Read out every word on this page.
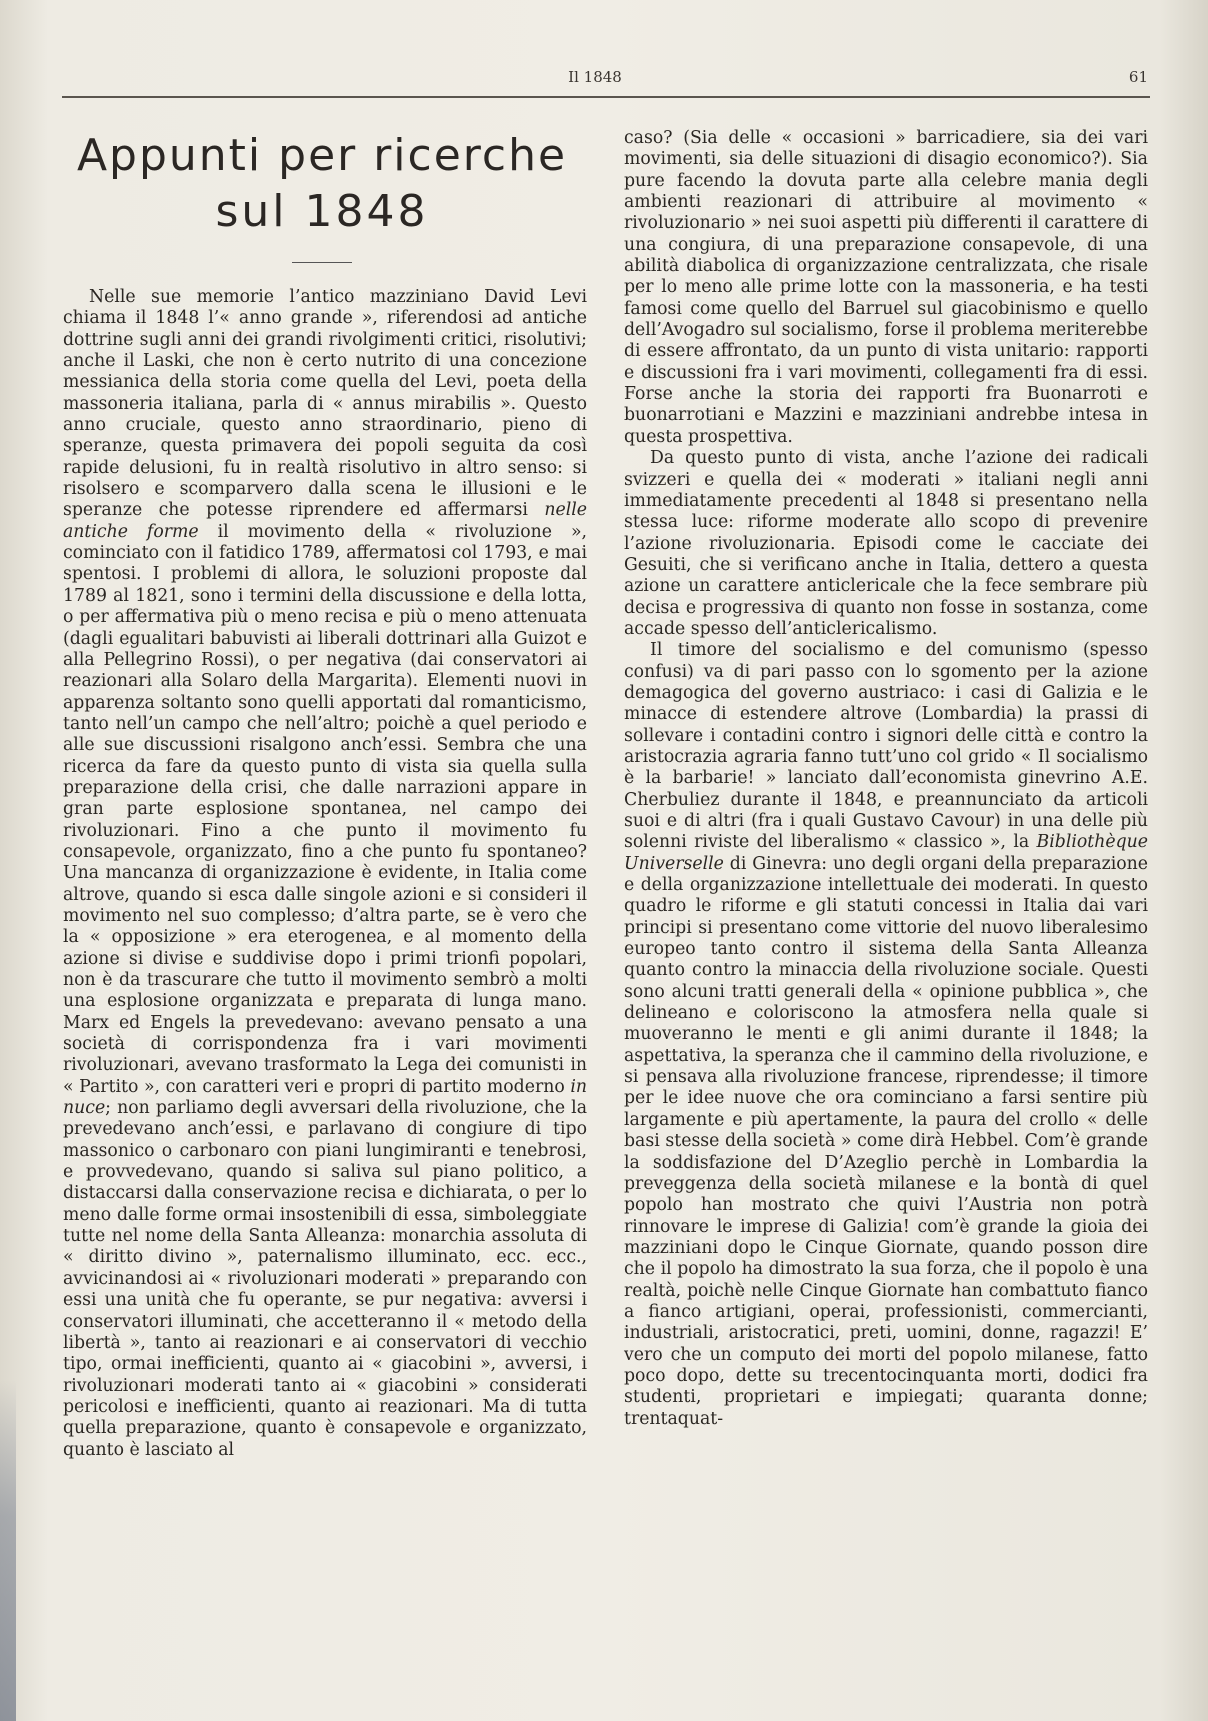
Il 1848	61
Appunti per ricerche
sul 1848

Nelle sue memorie l’antico mazziniano David Levi chiama il 1848 l’« anno grande », riferendosi ad antiche dottrine sugli anni dei grandi rivolgimenti critici, risolutivi; anche il Laski, che non è certo nutrito di una concezione messianica della storia come quella del Levi, poeta della massoneria italiana, parla di « annus mirabilis ». Questo anno cruciale, questo anno straordinario, pieno di speranze, questa primavera dei popoli seguita da così rapide delusioni, fu in realtà risolutivo in altro senso: si risolsero e scomparvero dalla scena le illusioni e le speranze che potesse riprendere ed affermarsi nelle antiche forme il movimento della « rivoluzione », cominciato con il fatidico 1789, affermatosi col 1793, e mai spentosi. I problemi di allora, le soluzioni proposte dal 1789 al 1821, sono i termini della discussione e della lotta, o per affermativa più o meno recisa e più o meno attenuata (dagli egualitari babuvisti ai liberali dottrinari alla Guizot e alla Pellegrino Rossi), o per negativa (dai conservatori ai reazionari alla Solaro della Margarita). Elementi nuovi in apparenza soltanto sono quelli apportati dal romanticismo, tanto nell’un campo che nell’altro; poichè a quel periodo e alle sue discussioni risalgono anch’essi. Sembra che una ricerca da fare da questo punto di vista sia quella sulla preparazione della crisi, che dalle narrazioni appare in gran parte esplosione spontanea, nel campo dei rivoluzionari. Fino a che punto il movimento fu consapevole, organizzato, fino a che punto fu spontaneo? Una mancanza di organizzazione è evidente, in Italia come altrove, quando si esca dalle singole azioni e si consideri il movimento nel suo complesso; d’altra parte, se è vero che la « opposizione » era eterogenea, e al momento della azione si divise e suddivise dopo i primi trionfi popolari, non è da trascurare che tutto il movimento sembrò a molti una esplosione organizzata e preparata di lunga mano. Marx ed Engels la prevedevano: avevano pensato a una società di corrispondenza fra i vari movimenti rivoluzionari, avevano trasformato la Lega dei comunisti in « Partito », con caratteri veri e propri di partito moderno in nuce; non parliamo degli avversari della rivoluzione, che la prevedevano anch’essi, e parlavano di congiure di tipo massonico o carbonaro con piani lungimiranti e tenebrosi, e provvedevano, quando si saliva sul piano politico, a distaccarsi dalla conservazione recisa e dichiarata, o per lo meno dalle forme ormai insostenibili di essa, simboleggiate tutte nel nome della Santa Alleanza: monarchia assoluta di « diritto divino », paternalismo illuminato, ecc. ecc., avvicinandosi ai « rivoluzionari moderati » preparando con essi una unità che fu operante, se pur negativa: avversi i conservatori illuminati, che accetteranno il « metodo della libertà », tanto ai reazionari e ai conservatori di vecchio tipo, ormai inefficienti, quanto ai « giacobini », avversi, i rivoluzionari moderati tanto ai « giacobini » considerati pericolosi e inefficienti, quanto ai reazionari. Ma di tutta quella preparazione, quanto è consapevole e organizzato, quanto è lasciato al

caso? (Sia delle « occasioni » barricadiere, sia dei vari movimenti, sia delle situazioni di disagio economico?). Sia pure facendo la dovuta parte alla celebre mania degli ambienti reazionari di attribuire al movimento « rivoluzionario » nei suoi aspetti più differenti il carattere di una congiura, di una preparazione consapevole, di una abilità diabolica di organizzazione centralizzata, che risale per lo meno alle prime lotte con la massoneria, e ha testi famosi come quello del Barruel sul giacobinismo e quello dell’Avogadro sul socialismo, forse il problema meriterebbe di essere affrontato, da un punto di vista unitario: rapporti e discussioni fra i vari movimenti, collegamenti fra di essi. Forse anche la storia dei rapporti fra Buonarroti e buonarrotiani e Mazzini e mazziniani andrebbe intesa in questa prospettiva.

Da questo punto di vista, anche l’azione dei radicali svizzeri e quella dei « moderati » italiani negli anni immediatamente precedenti al 1848 si presentano nella stessa luce: riforme moderate allo scopo di prevenire l’azione rivoluzionaria. Episodi come le cacciate dei Gesuiti, che si verificano anche in Italia, dettero a questa azione un carattere anticlericale che la fece sembrare più decisa e progressiva di quanto non fosse in sostanza, come accade spesso dell’anticlericalismo.

Il timore del socialismo e del comunismo (spesso confusi) va di pari passo con lo sgomento per la azione demagogica del governo austriaco: i casi di Galizia e le minacce di estendere altrove (Lombardia) la prassi di sollevare i contadini contro i signori delle città e contro la aristocrazia agraria fanno tutt’uno col grido « Il socialismo è la barbarie! » lanciato dall’economista ginevrino A.E. Cherbuliez durante il 1848, e preannunciato da articoli suoi e di altri (fra i quali Gustavo Cavour) in una delle più solenni riviste del liberalismo « classico », la Bibliothèque Universelle di Ginevra: uno degli organi della preparazione e della organizzazione intellettuale dei moderati. In questo quadro le riforme e gli statuti concessi in Italia dai vari principi si presentano come vittorie del nuovo liberalesimo europeo tanto contro il sistema della Santa Alleanza quanto contro la minaccia della rivoluzione sociale. Questi sono alcuni tratti generali della « opinione pubblica », che delineano e coloriscono la atmosfera nella quale si muoveranno le menti e gli animi durante il 1848; la aspettativa, la speranza che il cammino della rivoluzione, e si pensava alla rivoluzione francese, riprendesse; il timore per le idee nuove che ora cominciano a farsi sentire più largamente e più apertamente, la paura del crollo « delle basi stesse della società » come dirà Hebbel. Com’è grande la soddisfazione del D’Azeglio perchè in Lombardia la preveggenza della società milanese e la bontà di quel popolo han mostrato che quivi l’Austria non potrà rinnovare le imprese di Galizia! com’è grande la gioia dei mazziniani dopo le Cinque Giornate, quando posson dire che il popolo ha dimostrato la sua forza, che il popolo è una realtà, poichè nelle Cinque Giornate han combattuto fianco a fianco artigiani, operai, professionisti, commercianti, industriali, aristocratici, preti, uomini, donne, ragazzi! E’ vero che un computo dei morti del popolo milanese, fatto poco dopo, dette su trecentocinquanta morti, dodici fra studenti, proprietari e impiegati; quaranta donne; trentaquat-
